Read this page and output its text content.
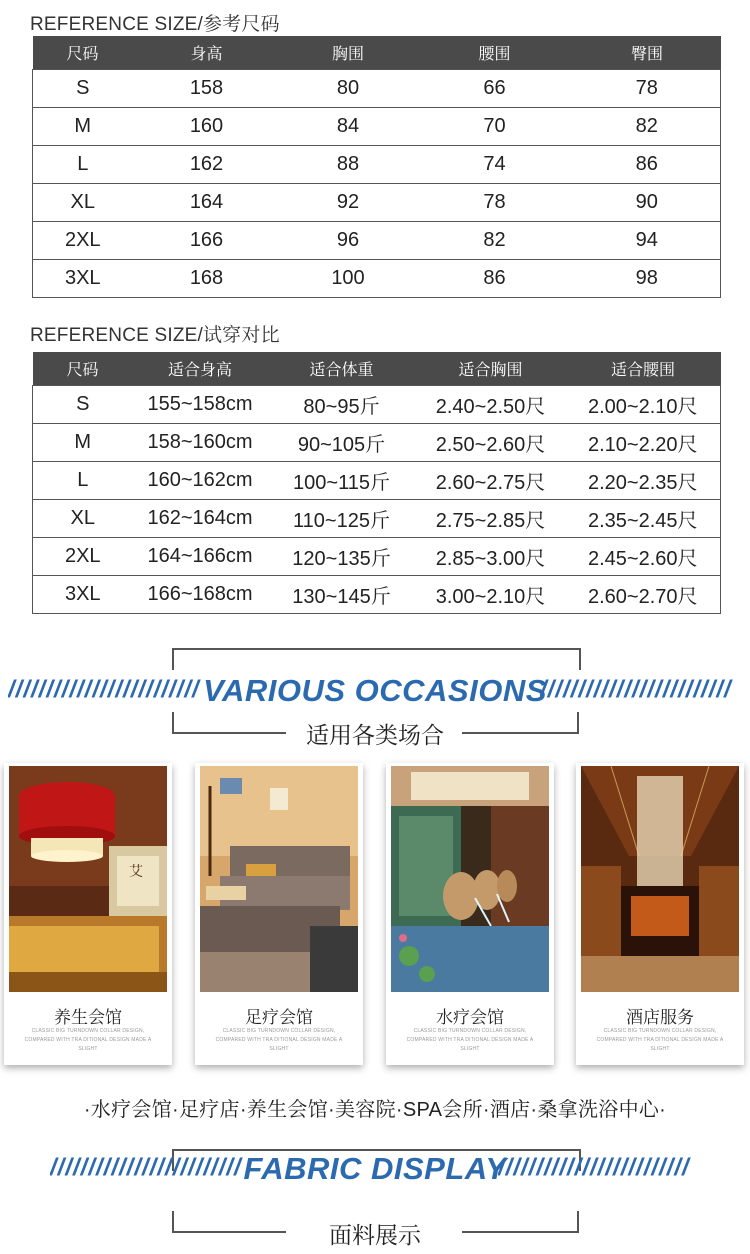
REFERENCE SIZE/参考尺码
尺码	身高	胸围	腰围	臀围
S	158	80	66	78
M	160	84	70	82
L	162	88	74	86
XL	164	92	78	90
2XL	166	96	82	94
3XL	168	100	86	98
REFERENCE SIZE/试穿对比
尺码	适合身高	适合体重	适合胸围	适合腰围
S	155~158cm	80~95斤	2.40~2.50尺	2.00~2.10尺
M	158~160cm	90~105斤	2.50~2.60尺	2.10~2.20尺
L	160~162cm	100~115斤	2.60~2.75尺	2.20~2.35尺
XL	162~164cm	110~125斤	2.75~2.85尺	2.35~2.45尺
2XL	164~166cm	120~135斤	2.85~3.00尺	2.45~2.60尺
3XL	166~168cm	130~145斤	3.00~2.10尺	2.60~2.70尺
///////////////////////// VARIOUS OCCASIONS
/////////////////////////
适用各类场合
艾
养生会馆
CLASSIC BIG TURNDOWN COLLAR DESIGN, COMPARED WITH TRA DITIONAL DESIGN MADE A SLIGHT
足疗会馆
CLASSIC BIG TURNDOWN COLLAR DESIGN, COMPARED WITH TRA DITIONAL DESIGN MADE A SLIGHT
水疗会馆
CLASSIC BIG TURNDOWN COLLAR DESIGN, COMPARED WITH TRA DITIONAL DESIGN MADE A SLIGHT
酒店服务
CLASSIC BIG TURNDOWN COLLAR DESIGN, COMPARED WITH TRA DITIONAL DESIGN MADE A SLIGHT
·水疗会馆·足疗店·养生会馆·美容院·SPA会所·酒店·桑拿洗浴中心·
///////////////////////// FABRIC DISPLAY
/////////////////////////
面料展示
